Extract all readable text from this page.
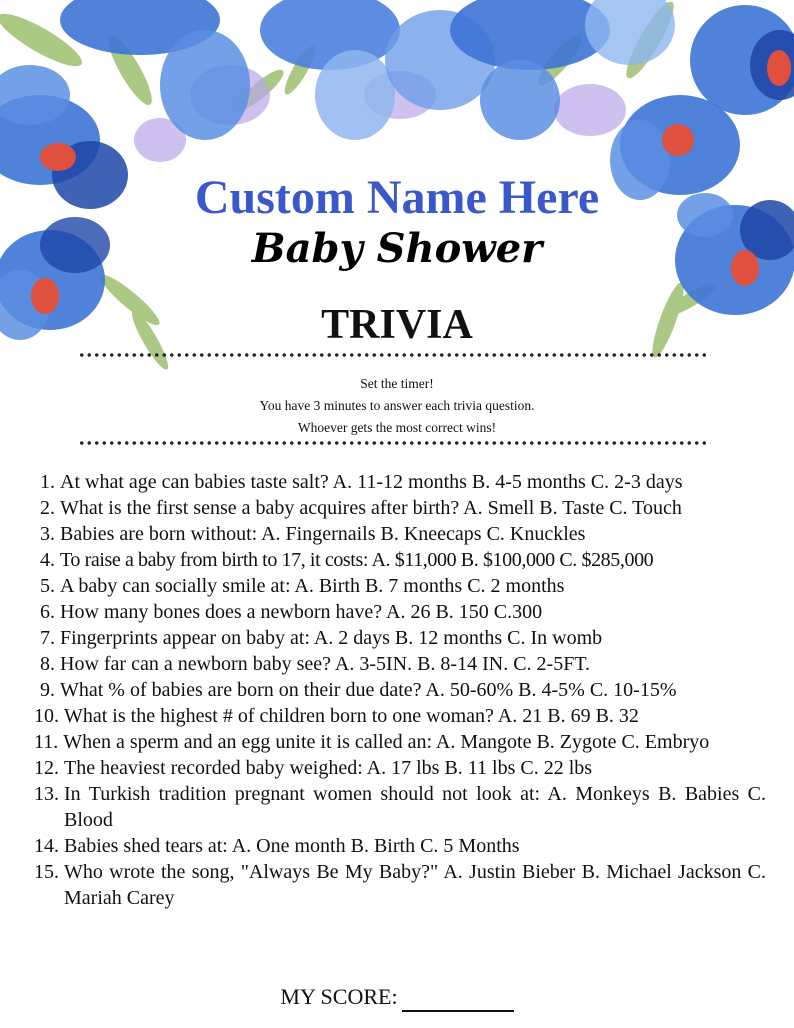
Custom Name Here
Baby Shower
TRIVIA
Set the timer!
You have 3 minutes to answer each trivia question.
Whoever gets the most correct wins!
1. At what age can babies taste salt? A. 11-12 months B. 4-5 months C. 2-3 days
2. What is the first sense a baby acquires after birth? A. Smell B. Taste C. Touch
3. Babies are born without: A. Fingernails B. Kneecaps C. Knuckles
4. To raise a baby from birth to 17, it costs: A. $11,000 B. $100,000 C. $285,000
5. A baby can socially smile at: A. Birth B. 7 months C. 2 months
6. How many bones does a newborn have? A. 26 B. 150 C.300
7. Fingerprints appear on baby at: A. 2 days B. 12 months C. In womb
8. How far can a newborn baby see? A. 3-5IN. B. 8-14 IN. C. 2-5FT.
9. What % of babies are born on their due date? A. 50-60% B. 4-5% C. 10-15%
10. What is the highest # of children born to one woman? A. 21 B. 69 B. 32
11. When a sperm and an egg unite it is called an: A. Mangote B. Zygote C. Embryo
12. The heaviest recorded baby weighed: A. 17 lbs B. 11 lbs C. 22 lbs
13. In Turkish tradition pregnant women should not look at: A. Monkeys B. Babies C. Blood
14. Babies shed tears at: A. One month B. Birth C. 5 Months
15. Who wrote the song, "Always Be My Baby?" A. Justin Bieber B. Michael Jackson C. Mariah Carey
MY SCORE:
